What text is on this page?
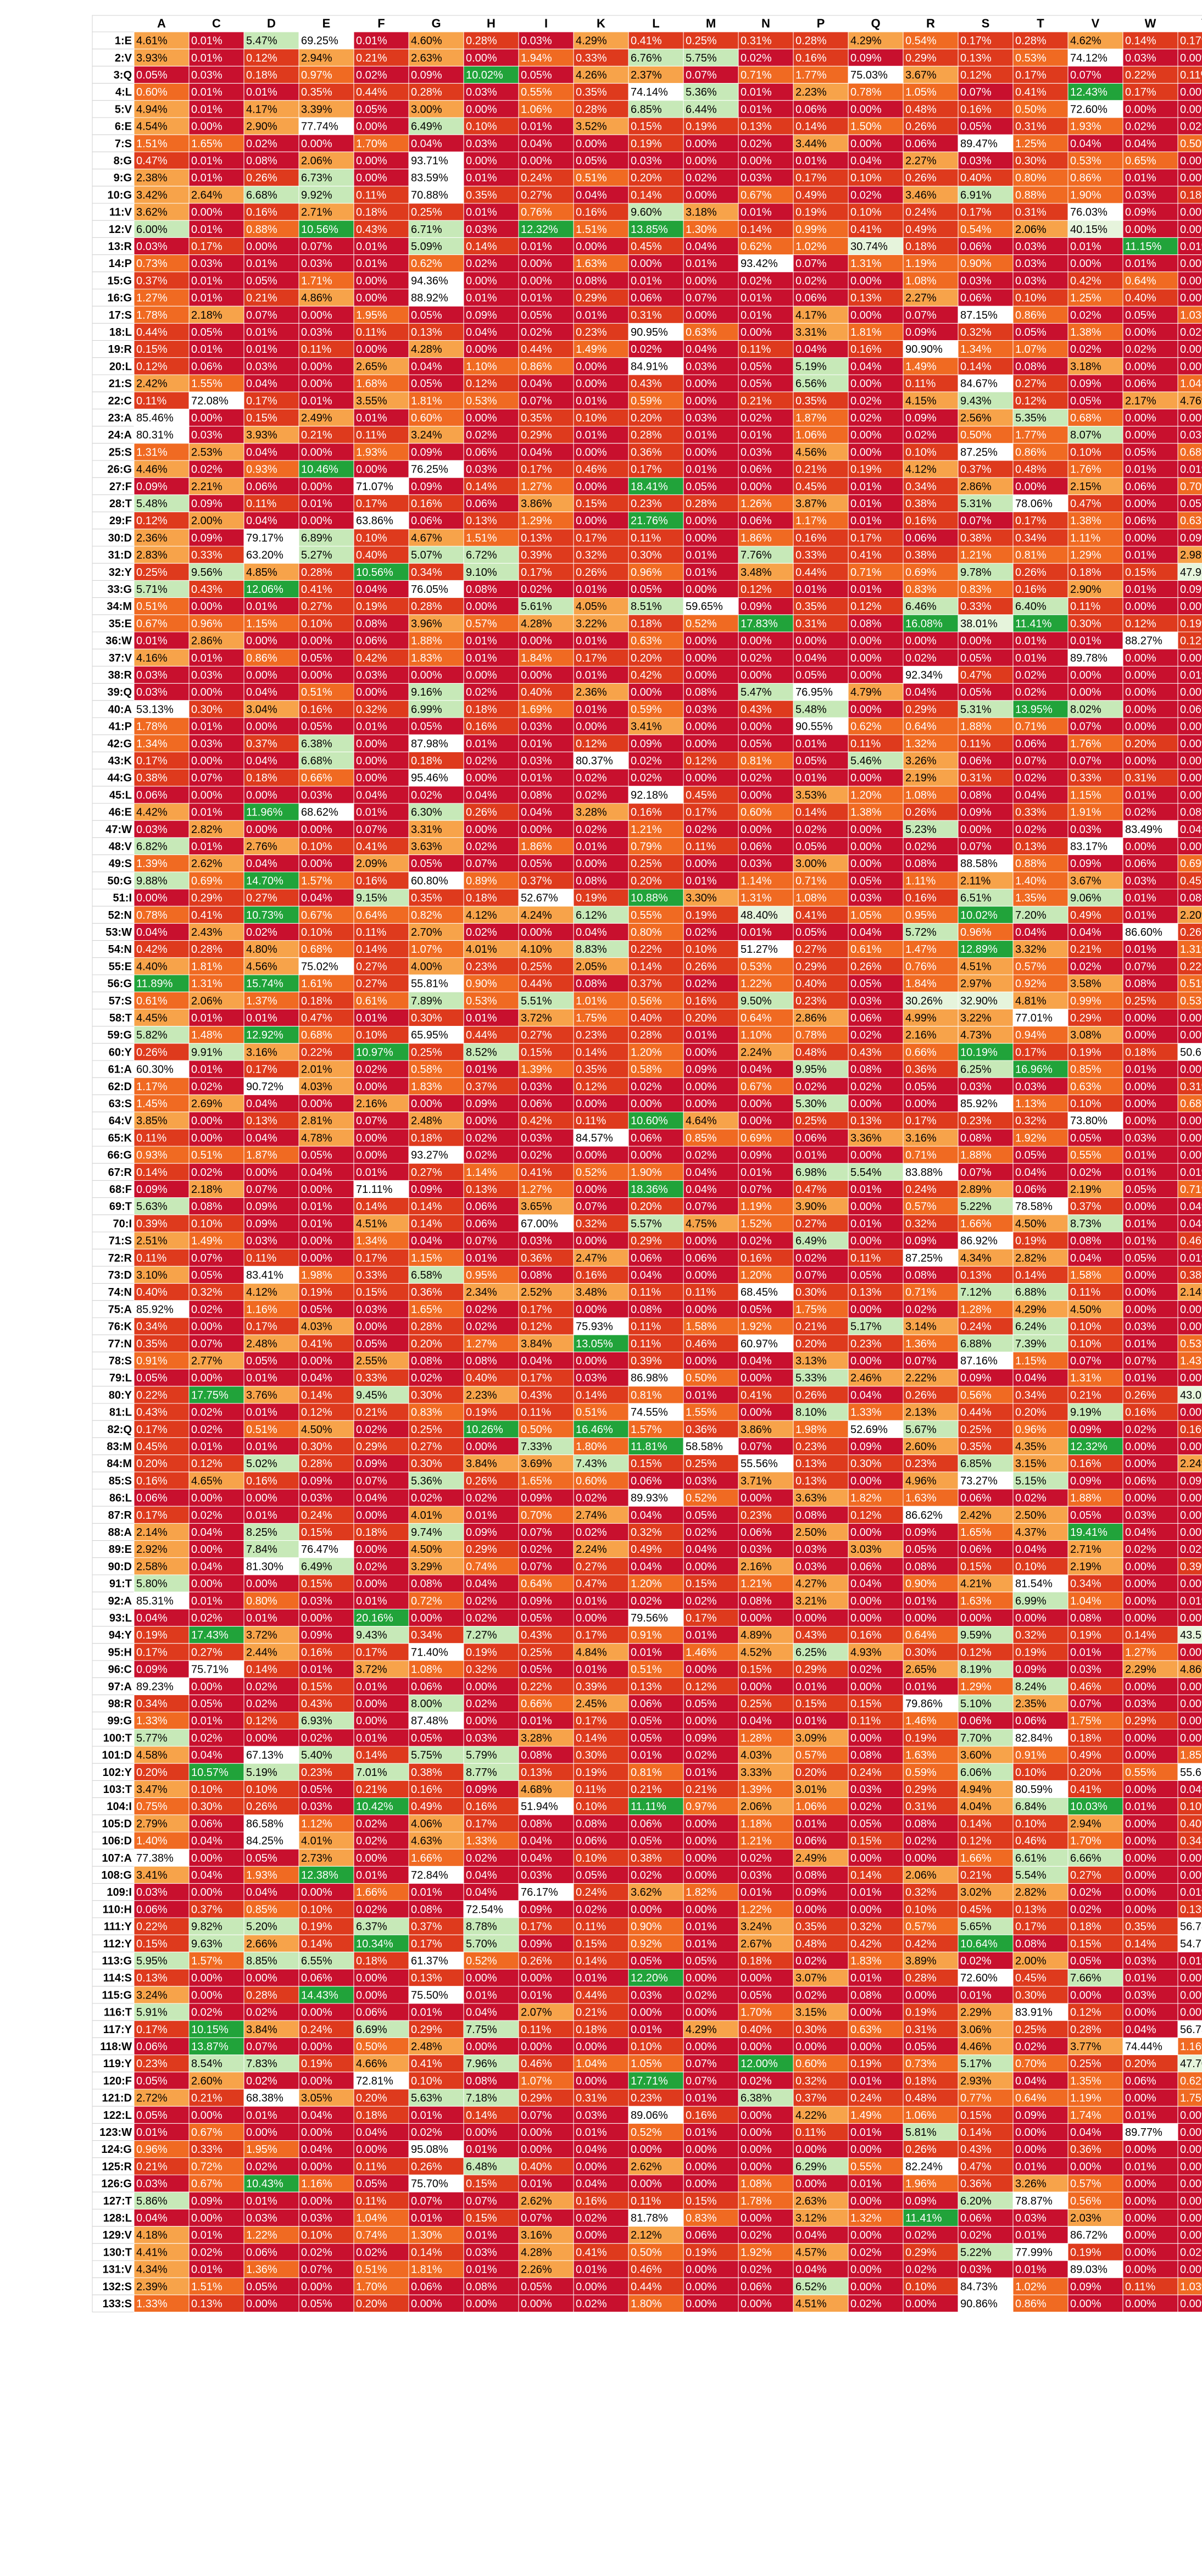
A	C	D	E	F	G	H	I	K	L	M	N	P	Q	R	S	T	V	W
1:E 4.61% 0.01% 5.47% 69.25% 0.01% 4.60% 0.28% 0.03% 4.29% 0.41% 0.25% 0.31% 0.28% 4.29% 0.54% 0.17% 0.28% 4.62% 0.14% 0.17
2:V 3.93% 0.01% 0.12% 2.94% 0.21% 2.63% 0.00% 1.94% 0.33% 6.76% 5.75% 0.02% 0.16% 0.09% 0.29% 0.13% 0.53% 74.12% 0.03% 0.00
3:Q 0.05% 0.03% 0.18% 0.97% 0.02% 0.09% 10.02% 0.05% 4.26% 2.37% 0.07% 0.71% 1.77% 75.03% 3.67% 0.12% 0.17% 0.07% 0.22% 0.11
4:L 0.60% 0.01% 0.01% 0.35% 0.44% 0.28% 0.03% 0.55% 0.35% 74.14% 5.36% 0.01% 2.23% 0.78% 1.05% 0.07% 0.41% 12.43% 0.17% 0.00
5:V 4.94% 0.01% 4.17% 3.39% 0.05% 3.00% 0.00% 1.06% 0.28% 6.85% 6.44% 0.01% 0.06% 0.00% 0.48% 0.16% 0.50% 72.60% 0.00% 0.00
6:E 4.54% 0.00% 2.90% 77.74% 0.00% 6.49% 0.10% 0.01% 3.52% 0.15% 0.19% 0.13% 0.14% 1.50% 0.26% 0.05% 0.31% 1.93% 0.02% 0.02
7:S 1.51% 1.65% 0.02% 0.00% 1.70% 0.04% 0.03% 0.04% 0.00% 0.19% 0.00% 0.02% 3.44% 0.00% 0.06% 89.47% 1.25% 0.04% 0.04% 0.50
8:G 0.47% 0.01% 0.08% 2.06% 0.00% 93.71% 0.00% 0.00% 0.05% 0.03% 0.00% 0.00% 0.01% 0.04% 2.27% 0.03% 0.30% 0.53% 0.65% 0.00
9:G 2.38% 0.01% 0.26% 6.73% 0.00% 83.59% 0.01% 0.24% 0.51% 0.20% 0.02% 0.03% 0.17% 0.10% 0.26% 0.40% 0.80% 0.86% 0.01% 0.00
10:G 3.42% 2.64% 6.68% 9.92% 0.11% 70.88% 0.35% 0.27% 0.04% 0.14% 0.00% 0.67% 0.49% 0.02% 3.46% 6.91% 0.88% 1.90% 0.03% 0.18
11:V 3.62% 0.00% 0.16% 2.71% 0.18% 0.25% 0.01% 0.76% 0.16% 9.60% 3.18% 0.01% 0.19% 0.10% 0.24% 0.17% 0.31% 76.03% 0.09% 0.00
12:V 6.00% 0.01% 0.88% 10.56% 0.43% 6.71% 0.03% 12.32% 1.51% 13.85% 1.30% 0.14% 0.99% 0.41% 0.49% 0.54% 2.06% 40.15% 0.00% 0.00
13:R 0.03% 0.17% 0.00% 0.07% 0.01% 5.09% 0.14% 0.01% 0.00% 0.45% 0.04% 0.62% 1.02% 30.74% 0.18% 0.06% 0.03% 0.01% 11.15% 0.01
14:P 0.73% 0.03% 0.01% 0.03% 0.01% 0.62% 0.02% 0.00% 1.63% 0.00% 0.01% 93.42% 0.07% 1.31% 1.19% 0.90% 0.03% 0.00% 0.01% 0.00
15:G 0.37% 0.01% 0.05% 1.71% 0.00% 94.36% 0.00% 0.00% 0.08% 0.01% 0.00% 0.02% 0.02% 0.00% 1.08% 0.03% 0.03% 0.42% 0.64% 0.00
16:G 1.27% 0.01% 0.21% 4.86% 0.00% 88.92% 0.01% 0.01% 0.29% 0.06% 0.07% 0.01% 0.06% 0.13% 2.27% 0.06% 0.10% 1.25% 0.40% 0.00
17:S 1.78% 2.18% 0.07% 0.00% 1.95% 0.05% 0.09% 0.05% 0.01% 0.31% 0.00% 0.01% 4.17% 0.00% 0.07% 87.15% 0.86% 0.02% 0.05% 1.03
18:L 0.44% 0.05% 0.01% 0.03% 0.11% 0.13% 0.04% 0.02% 0.23% 90.95% 0.63% 0.00% 3.31% 1.81% 0.09% 0.32% 0.05% 1.38% 0.00% 0.02
19:R 0.15% 0.01% 0.01% 0.11% 0.00% 4.28% 0.00% 0.44% 1.49% 0.02% 0.04% 0.11% 0.04% 0.16% 90.90% 1.34% 1.07% 0.02% 0.02% 0.00
20:L 0.12% 0.06% 0.03% 0.00% 2.65% 0.04% 1.10% 0.86% 0.00% 84.91% 0.03% 0.05% 5.19% 0.04% 1.49% 0.14% 0.08% 3.18% 0.00% 0.00
21:S 2.42% 1.55% 0.04% 0.00% 1.68% 0.05% 0.12% 0.04% 0.00% 0.43% 0.00% 0.05% 6.56% 0.00% 0.11% 84.67% 0.27% 0.09% 0.06% 1.04
22:C 0.11% 72.08% 0.17% 0.01% 3.55% 1.81% 0.53% 0.07% 0.01% 0.59% 0.00% 0.21% 0.35% 0.02% 4.15% 9.43% 0.12% 0.05% 2.17% 4.76
23:A 85.46% 0.00% 0.15% 2.49% 0.01% 0.60% 0.00% 0.35% 0.10% 0.20% 0.03% 0.02% 1.87% 0.02% 0.09% 2.56% 5.35% 0.68% 0.00% 0.00
24:A 80.31% 0.03% 3.93% 0.21% 0.11% 3.24% 0.02% 0.29% 0.01% 0.28% 0.01% 0.01% 1.06% 0.00% 0.02% 0.50% 1.77% 8.07% 0.00% 0.03
25:S 1.31% 2.53% 0.04% 0.00% 1.93% 0.09% 0.06% 0.04% 0.00% 0.36% 0.00% 0.03% 4.56% 0.00% 0.10% 87.25% 0.86% 0.10% 0.05% 0.68
26:G 4.46% 0.02% 0.93% 10.46% 0.00% 76.25% 0.03% 0.17% 0.46% 0.17% 0.01% 0.06% 0.21% 0.19% 4.12% 0.37% 0.48% 1.76% 0.01% 0.01
27:F 0.09% 2.21% 0.06% 0.00% 71.07% 0.09% 0.14% 1.27% 0.00% 18.41% 0.05% 0.00% 0.45% 0.01% 0.34% 2.86% 0.00% 2.15% 0.06% 0.70
28:T 5.48% 0.09% 0.11% 0.01% 0.17% 0.16% 0.06% 3.86% 0.15% 0.23% 0.28% 1.26% 3.87% 0.01% 0.38% 5.31% 78.06% 0.47% 0.00% 0.05
29:F 0.12% 2.00% 0.04% 0.00% 63.86% 0.06% 0.13% 1.29% 0.00% 21.76% 0.00% 0.06% 1.17% 0.01% 0.16% 0.07% 0.17% 1.38% 0.06% 0.63
30:D 2.36% 0.09% 79.17% 6.89% 0.10% 4.67% 1.51% 0.13% 0.17% 0.11% 0.00% 1.86% 0.16% 0.17% 0.06% 0.38% 0.34% 1.11% 0.00% 0.09
31:D 2.83% 0.33% 63.20% 5.27% 0.40% 5.07% 6.72% 0.39% 0.32% 0.30% 0.01% 7.76% 0.33% 0.41% 0.38% 1.21% 0.81% 1.29% 0.01% 2.98
32:Y 0.25% 9.56% 4.85% 0.28% 10.56% 0.34% 9.10% 0.17% 0.26% 0.96% 0.01% 3.48% 0.44% 0.71% 0.69% 9.78% 0.26% 0.18% 0.15% 47.9
33:G 5.71% 0.43% 12.06% 0.41% 0.04% 76.05% 0.08% 0.02% 0.01% 0.05% 0.00% 0.12% 0.01% 0.01% 0.83% 0.83% 0.16% 2.90% 0.01% 0.09
34:M 0.51% 0.00% 0.01% 0.27% 0.19% 0.28% 0.00% 5.61% 4.05% 8.51% 59.65% 0.09% 0.35% 0.12% 6.46% 0.33% 6.40% 0.11% 0.00% 0.00
35:E 0.67% 0.96% 1.15% 0.10% 0.08% 3.96% 0.57% 4.28% 3.22% 0.18% 0.52% 17.83% 0.31% 0.08% 16.08% 38.01% 11.41% 0.30% 0.12% 0.19
36:W 0.01% 2.86% 0.00% 0.00% 0.06% 1.88% 0.01% 0.00% 0.01% 0.63% 0.00% 0.00% 0.00% 0.00% 0.00% 0.00% 0.01% 0.01% 88.27% 0.12
37:V 4.16% 0.01% 0.86% 0.05% 0.42% 1.83% 0.01% 1.84% 0.17% 0.20% 0.00% 0.02% 0.04% 0.00% 0.02% 0.05% 0.01% 89.78% 0.00% 0.00
38:R 0.03% 0.03% 0.00% 0.00% 0.03% 0.00% 0.00% 0.00% 0.01% 0.42% 0.00% 0.00% 0.05% 0.00% 92.34% 0.47% 0.02% 0.00% 0.00% 0.01
39:Q 0.03% 0.00% 0.04% 0.51% 0.00% 9.16% 0.02% 0.40% 2.36% 0.00% 0.08% 5.47% 76.95% 4.79% 0.04% 0.05% 0.02% 0.00% 0.00% 0.00
40:A 53.13% 0.30% 3.04% 0.16% 0.32% 6.99% 0.18% 1.69% 0.01% 0.59% 0.03% 0.43% 5.48% 0.00% 0.29% 5.31% 13.95% 8.02% 0.00% 0.06
41:P 1.78% 0.01% 0.00% 0.05% 0.01% 0.05% 0.16% 0.03% 0.00% 3.41% 0.00% 0.00% 90.55% 0.62% 0.64% 1.88% 0.71% 0.07% 0.00% 0.00
42:G 1.34% 0.03% 0.37% 6.38% 0.00% 87.98% 0.01% 0.01% 0.12% 0.09% 0.00% 0.05% 0.01% 0.11% 1.32% 0.11% 0.06% 1.76% 0.20% 0.00
43:K 0.17% 0.00% 0.04% 6.68% 0.00% 0.18% 0.02% 0.03% 80.37% 0.02% 0.12% 0.81% 0.05% 5.46% 3.26% 0.06% 0.07% 0.07% 0.00% 0.00
44:G 0.38% 0.07% 0.18% 0.66% 0.00% 95.46% 0.00% 0.01% 0.02% 0.02% 0.00% 0.02% 0.01% 0.00% 2.19% 0.31% 0.02% 0.33% 0.31% 0.00
45:L 0.06% 0.00% 0.00% 0.03% 0.04% 0.02% 0.04% 0.08% 0.02% 92.18% 0.45% 0.00% 3.53% 1.20% 1.08% 0.08% 0.04% 1.15% 0.01% 0.00
46:E 4.42% 0.01% 11.96% 68.62% 0.01% 6.30% 0.26% 0.04% 3.28% 0.16% 0.17% 0.60% 0.14% 1.38% 0.26% 0.09% 0.33% 1.91% 0.02% 0.08
47:W 0.03% 2.82% 0.00% 0.00% 0.07% 3.31% 0.00% 0.00% 0.02% 1.21% 0.02% 0.00% 0.02% 0.00% 5.23% 0.00% 0.02% 0.03% 83.49% 0.04
48:V 6.82% 0.01% 2.76% 0.10% 0.41% 3.63% 0.02% 1.86% 0.01% 0.79% 0.11% 0.06% 0.05% 0.00% 0.02% 0.07% 0.13% 83.17% 0.00% 0.00
49:S 1.39% 2.62% 0.04% 0.00% 2.09% 0.05% 0.07% 0.05% 0.00% 0.25% 0.00% 0.03% 3.00% 0.00% 0.08% 88.58% 0.88% 0.09% 0.06% 0.69
50:G 9.88% 0.69% 14.70% 1.57% 0.16% 60.80% 0.89% 0.37% 0.08% 0.20% 0.01% 1.14% 0.71% 0.05% 1.11% 2.11% 1.40% 3.67% 0.03% 0.45
51:I 0.00% 0.29% 0.27% 0.04% 9.15% 0.35% 0.18% 52.67% 0.19% 10.88% 3.30% 1.31% 1.08% 0.03% 0.16% 6.51% 1.35% 9.06% 0.01% 0.08
52:N 0.78% 0.41% 10.73% 0.67% 0.64% 0.82% 4.12% 4.24% 6.12% 0.55% 0.19% 48.40% 0.41% 1.05% 0.95% 10.02% 7.20% 0.49% 0.01% 2.20
53:W 0.04% 2.43% 0.02% 0.10% 0.11% 2.70% 0.02% 0.00% 0.04% 0.80% 0.02% 0.01% 0.05% 0.04% 5.72% 0.96% 0.04% 0.04% 86.60% 0.26
54:N 0.42% 0.28% 4.80% 0.68% 0.14% 1.07% 4.01% 4.10% 8.83% 0.22% 0.10% 51.27% 0.27% 0.61% 1.47% 12.89% 3.32% 0.21% 0.01% 1.31
55:E 4.40% 1.81% 4.56% 75.02% 0.27% 4.00% 0.23% 0.25% 2.05% 0.14% 0.26% 0.53% 0.29% 0.26% 0.76% 4.51% 0.57% 0.02% 0.07% 0.22
56:G 11.89% 1.31% 15.74% 1.61% 0.27% 55.81% 0.90% 0.44% 0.08% 0.37% 0.02% 1.22% 0.40% 0.05% 1.84% 2.97% 0.92% 3.58% 0.08% 0.51
57:S 0.61% 2.06% 1.37% 0.18% 0.61% 7.89% 0.53% 5.51% 1.01% 0.56% 0.16% 9.50% 0.23% 0.03% 30.26% 32.90% 4.81% 0.99% 0.25% 0.53
58:T 4.45% 0.01% 0.01% 0.47% 0.01% 0.30% 0.01% 3.72% 1.75% 0.40% 0.20% 0.64% 2.86% 0.06% 4.99% 3.22% 77.01% 0.29% 0.00% 0.00
59:G 5.82% 1.48% 12.92% 0.68% 0.10% 65.95% 0.44% 0.27% 0.23% 0.28% 0.01% 1.10% 0.78% 0.02% 2.16% 4.73% 0.94% 3.08% 0.00% 0.00
60:Y 0.26% 9.91% 3.16% 0.22% 10.97% 0.25% 8.52% 0.15% 0.14% 1.20% 0.00% 2.24% 0.48% 0.43% 0.66% 10.19% 0.17% 0.19% 0.18% 50.6
61:A 60.30% 0.01% 0.17% 2.01% 0.02% 0.58% 0.01% 1.39% 0.35% 0.58% 0.09% 0.04% 9.95% 0.08% 0.36% 6.25% 16.96% 0.85% 0.01% 0.00
62:D 1.17% 0.02% 90.72% 4.03% 0.00% 1.83% 0.37% 0.03% 0.12% 0.02% 0.00% 0.67% 0.02% 0.02% 0.05% 0.03% 0.03% 0.63% 0.00% 0.31
63:S 1.45% 2.69% 0.04% 0.00% 2.16% 0.00% 0.09% 0.06% 0.00% 0.00% 0.00% 0.00% 5.30% 0.00% 0.00% 85.92% 1.13% 0.10% 0.00% 0.68
64:V 3.85% 0.00% 0.13% 2.81% 0.07% 2.48% 0.00% 0.42% 0.11% 10.60% 4.64% 0.00% 0.25% 0.13% 0.17% 0.23% 0.32% 73.80% 0.00% 0.00
65:K 0.11% 0.00% 0.04% 4.78% 0.00% 0.18% 0.02% 0.03% 84.57% 0.06% 0.85% 0.69% 0.06% 3.36% 3.16% 0.08% 1.92% 0.05% 0.03% 0.00
66:G 0.93% 0.51% 1.87% 0.05% 0.00% 93.27% 0.02% 0.02% 0.00% 0.00% 0.02% 0.09% 0.01% 0.00% 0.71% 1.88% 0.05% 0.55% 0.01% 0.00
67:R 0.14% 0.02% 0.00% 0.04% 0.01% 0.27% 1.14% 0.41% 0.52% 1.90% 0.04% 0.01% 6.98% 5.54% 83.88% 0.07% 0.04% 0.02% 0.01% 0.01
68:F 0.09% 2.18% 0.07% 0.00% 71.11% 0.09% 0.13% 1.27% 0.00% 18.36% 0.04% 0.07% 0.47% 0.01% 0.24% 2.89% 0.06% 2.19% 0.05% 0.71
69:T 5.63% 0.08% 0.09% 0.01% 0.14% 0.14% 0.06% 3.65% 0.07% 0.20% 0.07% 1.19% 3.90% 0.00% 0.57% 5.22% 78.58% 0.37% 0.00% 0.04
70:I 0.39% 0.10% 0.09% 0.01% 4.51% 0.14% 0.06% 67.00% 0.32% 5.57% 4.75% 1.52% 0.27% 0.01% 0.32% 1.66% 4.50% 8.73% 0.01% 0.04
71:S 2.51% 1.49% 0.03% 0.00% 1.34% 0.04% 0.07% 0.03% 0.00% 0.29% 0.00% 0.02% 6.49% 0.00% 0.09% 86.92% 0.19% 0.08% 0.01% 0.46
72:R 0.11% 0.07% 0.11% 0.00% 0.17% 1.15% 0.01% 0.36% 2.47% 0.06% 0.06% 0.16% 0.02% 0.11% 87.25% 4.34% 2.82% 0.04% 0.05% 0.01
73:D 3.10% 0.05% 83.41% 1.98% 0.33% 6.58% 0.95% 0.08% 0.16% 0.04% 0.00% 1.20% 0.07% 0.05% 0.08% 0.13% 0.14% 1.58% 0.00% 0.38
74:N 0.40% 0.32% 4.12% 0.19% 0.15% 0.36% 2.34% 2.52% 3.48% 0.11% 0.11% 68.45% 0.30% 0.13% 0.71% 7.12% 6.88% 0.11% 0.00% 2.14
75:A 85.92% 0.02% 1.16% 0.05% 0.03% 1.65% 0.02% 0.17% 0.00% 0.08% 0.00% 0.05% 1.75% 0.00% 0.02% 1.28% 4.29% 4.50% 0.00% 0.00
76:K 0.34% 0.00% 0.17% 4.03% 0.00% 0.28% 0.02% 0.12% 75.93% 0.11% 1.58% 1.92% 0.21% 5.17% 3.14% 0.24% 6.24% 0.10% 0.03% 0.00
77:N 0.35% 0.07% 2.48% 0.41% 0.05% 0.20% 1.27% 3.84% 13.05% 0.11% 0.46% 60.97% 0.20% 0.23% 1.36% 6.88% 7.39% 0.10% 0.01% 0.53
78:S 0.91% 2.77% 0.05% 0.00% 2.55% 0.08% 0.08% 0.04% 0.00% 0.39% 0.00% 0.04% 3.13% 0.00% 0.07% 87.16% 1.15% 0.07% 0.07% 1.43
79:L 0.05% 0.00% 0.01% 0.04% 0.33% 0.02% 0.40% 0.17% 0.03% 86.98% 0.50% 0.00% 5.33% 2.46% 2.22% 0.09% 0.04% 1.31% 0.01% 0.00
80:Y 0.22% 17.75% 3.76% 0.14% 9.45% 0.30% 2.23% 0.43% 0.14% 0.81% 0.01% 0.41% 0.26% 0.04% 0.26% 0.56% 0.34% 0.21% 0.26% 43.0
81:L 0.43% 0.02% 0.01% 0.12% 0.21% 0.83% 0.19% 0.11% 0.51% 74.55% 1.55% 0.00% 8.10% 1.33% 2.13% 0.44% 0.20% 9.19% 0.16% 0.00
82:Q 0.17% 0.02% 0.51% 4.50% 0.02% 0.25% 10.26% 0.50% 16.46% 1.57% 0.36% 3.86% 1.98% 52.69% 5.67% 0.25% 0.96% 0.09% 0.02% 0.16
83:M 0.45% 0.01% 0.01% 0.30% 0.29% 0.27% 0.00% 7.33% 1.80% 11.81% 58.58% 0.07% 0.23% 0.09% 2.60% 0.35% 4.35% 12.32% 0.00% 0.00
84:M 0.20% 0.12% 5.02% 0.28% 0.09% 0.30% 3.84% 3.69% 7.43% 0.15% 0.25% 55.56% 0.13% 0.30% 0.23% 6.85% 3.15% 0.16% 0.00% 2.24
85:S 0.16% 4.65% 0.16% 0.09% 0.07% 5.36% 0.26% 1.65% 0.60% 0.06% 0.03% 3.71% 0.13% 0.00% 4.96% 73.27% 5.15% 0.09% 0.06% 0.09
86:L 0.06% 0.00% 0.00% 0.03% 0.04% 0.02% 0.02% 0.09% 0.02% 89.93% 0.52% 0.00% 3.63% 1.82% 1.63% 0.06% 0.02% 1.88% 0.00% 0.00
87:R 0.17% 0.02% 0.01% 0.24% 0.00% 4.01% 0.01% 0.70% 2.74% 0.04% 0.05% 0.23% 0.08% 0.12% 86.62% 2.42% 2.50% 0.05% 0.03% 0.00
88:A 2.14% 0.04% 8.25% 0.15% 0.18% 9.74% 0.09% 0.07% 0.02% 0.32% 0.02% 0.06% 2.50% 0.00% 0.09% 1.65% 4.37% 19.41% 0.04% 0.00
89:E 2.92% 0.00% 7.84% 76.47% 0.00% 4.50% 0.29% 0.02% 2.24% 0.49% 0.04% 0.03% 0.03% 3.03% 0.05% 0.06% 0.04% 2.71% 0.02% 0.02
90:D 2.58% 0.04% 81.30% 6.49% 0.02% 3.29% 0.74% 0.07% 0.27% 0.04% 0.00% 2.16% 0.03% 0.06% 0.08% 0.15% 0.10% 2.19% 0.00% 0.39
91:T 5.80% 0.00% 0.00% 0.15% 0.00% 0.08% 0.04% 0.64% 0.47% 1.20% 0.15% 1.21% 4.27% 0.04% 0.90% 4.21% 81.54% 0.34% 0.00% 0.00
92:A 85.31% 0.01% 0.80% 0.03% 0.01% 0.72% 0.02% 0.09% 0.01% 0.02% 0.02% 0.08% 3.21% 0.00% 0.01% 1.63% 6.99% 1.04% 0.00% 0.01
93:L 0.04% 0.02% 0.01% 0.00% 20.16% 0.00% 0.02% 0.05% 0.00% 79.56% 0.17% 0.00% 0.00% 0.00% 0.00% 0.00% 0.00% 0.08% 0.00% 0.00
94:Y 0.19% 17.43% 3.72% 0.09% 9.43% 0.34% 7.27% 0.43% 0.17% 0.91% 0.01% 4.89% 0.43% 0.16% 0.64% 9.59% 0.32% 0.19% 0.14% 43.5
95:H 0.17% 0.27% 2.44% 0.16% 0.17% 71.40% 0.19% 0.25% 4.84% 0.01% 1.46% 4.52% 6.25% 4.93% 0.30% 0.12% 0.19% 0.01% 1.27% 0.00
96:C 0.09% 75.71% 0.14% 0.01% 3.72% 1.08% 0.32% 0.05% 0.01% 0.51% 0.00% 0.15% 0.29% 0.02% 2.65% 8.19% 0.09% 0.03% 2.29% 4.86
97:A 89.23% 0.00% 0.02% 0.15% 0.01% 0.06% 0.00% 0.22% 0.39% 0.13% 0.12% 0.00% 0.01% 0.00% 0.01% 1.29% 8.24% 0.46% 0.00% 0.00
98:R 0.34% 0.05% 0.02% 0.43% 0.00% 8.00% 0.02% 0.66% 2.45% 0.06% 0.05% 0.25% 0.15% 0.15% 79.86% 5.10% 2.35% 0.07% 0.03% 0.00
99:G 1.33% 0.01% 0.12% 6.93% 0.00% 87.48% 0.00% 0.01% 0.17% 0.05% 0.00% 0.04% 0.01% 0.11% 1.46% 0.06% 0.06% 1.75% 0.29% 0.00
100:T 5.77% 0.02% 0.00% 0.02% 0.01% 0.05% 0.03% 3.28% 0.14% 0.05% 0.09% 1.28% 3.09% 0.00% 0.19% 7.70% 82.84% 0.18% 0.00% 0.00
101:D 4.58% 0.04% 67.13% 5.40% 0.14% 5.75% 5.79% 0.08% 0.30% 0.01% 0.02% 4.03% 0.57% 0.08% 1.63% 3.60% 0.91% 0.49% 0.00% 1.85
102:Y 0.20% 10.57% 5.19% 0.23% 7.01% 0.38% 8.77% 0.13% 0.19% 0.81% 0.01% 3.33% 0.20% 0.24% 0.59% 6.06% 0.10% 0.20% 0.55% 55.6
103:T 3.47% 0.10% 0.10% 0.05% 0.21% 0.16% 0.09% 4.68% 0.11% 0.21% 0.21% 1.39% 3.01% 0.03% 0.29% 4.94% 80.59% 0.41% 0.00% 0.04
104:I 0.75% 0.30% 0.26% 0.03% 10.42% 0.49% 0.16% 51.94% 0.10% 11.11% 0.97% 2.06% 1.06% 0.02% 0.31% 4.04% 6.84% 10.03% 0.01% 0.10
105:D 2.79% 0.06% 86.58% 1.12% 0.02% 4.06% 0.17% 0.08% 0.08% 0.06% 0.00% 1.18% 0.01% 0.05% 0.08% 0.14% 0.10% 2.94% 0.00% 0.40
106:D 1.40% 0.04% 84.25% 4.01% 0.02% 4.63% 1.33% 0.04% 0.06% 0.05% 0.00% 1.21% 0.06% 0.15% 0.02% 0.12% 0.46% 1.70% 0.00% 0.34
107:A 77.38% 0.00% 0.05% 2.73% 0.00% 1.66% 0.02% 0.04% 0.10% 0.38% 0.00% 0.02% 2.49% 0.00% 0.00% 1.66% 6.61% 6.66% 0.00% 0.00
108:G 3.41% 0.04% 1.93% 12.38% 0.01% 72.84% 0.04% 0.03% 0.05% 0.02% 0.00% 0.03% 0.08% 0.14% 2.06% 0.21% 5.54% 0.27% 0.00% 0.00
109:I 0.03% 0.00% 0.04% 0.00% 1.66% 0.01% 0.04% 76.17% 0.24% 3.62% 1.82% 0.01% 0.09% 0.01% 0.32% 3.02% 2.82% 0.02% 0.00% 0.01
110:H 0.06% 0.37% 0.85% 0.10% 0.02% 0.08% 72.54% 0.09% 0.02% 0.00% 0.00% 1.22% 0.00% 0.00% 0.10% 0.45% 0.13% 0.02% 0.00% 0.13
111:Y 0.22% 9.82% 5.20% 0.19% 6.37% 0.37% 8.78% 0.17% 0.11% 0.90% 0.01% 3.24% 0.35% 0.32% 0.57% 5.65% 0.17% 0.18% 0.35% 56.7
112:Y 0.15% 9.63% 2.66% 0.14% 10.34% 0.17% 5.70% 0.09% 0.15% 0.92% 0.01% 2.67% 0.48% 0.42% 0.42% 10.64% 0.08% 0.15% 0.14% 54.7
113:G 5.95% 1.57% 8.85% 6.55% 0.18% 61.37% 0.52% 0.26% 0.14% 0.05% 0.05% 0.18% 0.02% 1.83% 3.89% 0.02% 2.00% 0.05% 0.03% 0.01
114:S 0.13% 0.00% 0.00% 0.06% 0.00% 0.13% 0.00% 0.00% 0.01% 12.20% 0.00% 0.00% 3.07% 0.01% 0.28% 72.60% 0.45% 7.66% 0.01% 0.00
115:G 3.24% 0.00% 0.28% 14.43% 0.00% 75.50% 0.01% 0.01% 0.44% 0.03% 0.02% 0.05% 0.02% 0.08% 0.00% 0.01% 0.30% 0.00% 0.03% 0.00
116:T 5.91% 0.02% 0.02% 0.00% 0.06% 0.01% 0.04% 2.07% 0.21% 0.00% 0.00% 1.70% 3.15% 0.00% 0.19% 2.29% 83.91% 0.12% 0.00% 0.00
117:Y 0.17% 10.15% 3.84% 0.24% 6.69% 0.29% 7.75% 0.11% 0.18% 0.01% 4.29% 0.40% 0.30% 0.63% 0.31% 3.06% 0.25% 0.28% 0.04% 56.7
118:W 0.06% 13.87% 0.07% 0.00% 0.50% 2.48% 0.00% 0.00% 0.00% 0.10% 0.00% 0.00% 0.00% 0.00% 0.05% 4.46% 0.02% 3.77% 74.44% 1.16
119:Y 0.23% 8.54% 7.83% 0.19% 4.66% 0.41% 7.96% 0.46% 1.04% 1.05% 0.07% 12.00% 0.60% 0.19% 0.73% 5.17% 0.70% 0.25% 0.20% 47.7
120:F 0.05% 2.60% 0.02% 0.00% 72.81% 0.10% 0.08% 1.07% 0.00% 17.71% 0.07% 0.02% 0.32% 0.01% 0.18% 2.93% 0.04% 1.35% 0.06% 0.62
121:D 2.72% 0.21% 68.38% 3.05% 0.20% 5.63% 7.18% 0.29% 0.31% 0.23% 0.01% 6.38% 0.37% 0.24% 0.48% 0.77% 0.64% 1.19% 0.00% 1.75
122:L 0.05% 0.00% 0.01% 0.04% 0.18% 0.01% 0.14% 0.07% 0.03% 89.06% 0.16% 0.00% 4.22% 1.49% 1.06% 0.15% 0.09% 1.74% 0.01% 0.00
123:W 0.01% 0.67% 0.00% 0.00% 0.04% 0.02% 0.00% 0.00% 0.01% 0.52% 0.01% 0.00% 0.11% 0.01% 5.81% 0.14% 0.00% 0.04% 89.77% 0.00
124:G 0.96% 0.33% 1.95% 0.04% 0.00% 95.08% 0.01% 0.00% 0.04% 0.00% 0.00% 0.00% 0.00% 0.00% 0.26% 0.43% 0.00% 0.36% 0.00% 0.00
125:R 0.21% 0.72% 0.02% 0.00% 0.11% 0.26% 6.48% 0.40% 0.00% 2.62% 0.00% 0.00% 6.29% 0.55% 82.24% 0.47% 0.01% 0.00% 0.01% 0.00
126:G 0.03% 0.67% 10.43% 1.16% 0.05% 75.70% 0.15% 0.01% 0.04% 0.00% 0.00% 1.08% 0.00% 0.01% 1.96% 0.36% 3.26% 0.57% 0.00% 0.00
127:T 5.86% 0.09% 0.01% 0.00% 0.11% 0.07% 0.07% 2.62% 0.16% 0.11% 0.15% 1.78% 2.63% 0.00% 0.09% 6.20% 78.87% 0.56% 0.00% 0.00
128:L 0.04% 0.00% 0.03% 0.03% 1.04% 0.01% 0.15% 0.07% 0.02% 81.78% 0.83% 0.00% 3.12% 1.32% 11.41% 0.06% 0.03% 2.03% 0.00% 0.00
129:V 4.18% 0.01% 1.22% 0.10% 0.74% 1.30% 0.01% 3.16% 0.00% 2.12% 0.06% 0.02% 0.04% 0.00% 0.02% 0.02% 0.01% 86.72% 0.00% 0.00
130:T 4.41% 0.02% 0.06% 0.02% 0.02% 0.14% 0.03% 4.28% 0.41% 0.50% 0.19% 1.92% 4.57% 0.02% 0.29% 5.22% 77.99% 0.19% 0.00% 0.02
131:V 4.34% 0.01% 1.36% 0.07% 0.51% 1.81% 0.01% 2.26% 0.01% 0.46% 0.00% 0.02% 0.04% 0.00% 0.02% 0.03% 0.01% 89.03% 0.00% 0.00
132:S 2.39% 1.51% 0.05% 0.00% 1.70% 0.06% 0.08% 0.05% 0.00% 0.44% 0.00% 0.06% 6.52% 0.00% 0.10% 84.73% 1.02% 0.09% 0.11% 1.03
133:S 1.33% 0.13% 0.00% 0.05% 0.20% 0.00% 0.00% 0.00% 0.02% 1.80% 0.00% 0.00% 4.51% 0.02% 0.00% 90.86% 0.86% 0.00% 0.00% 0.00
